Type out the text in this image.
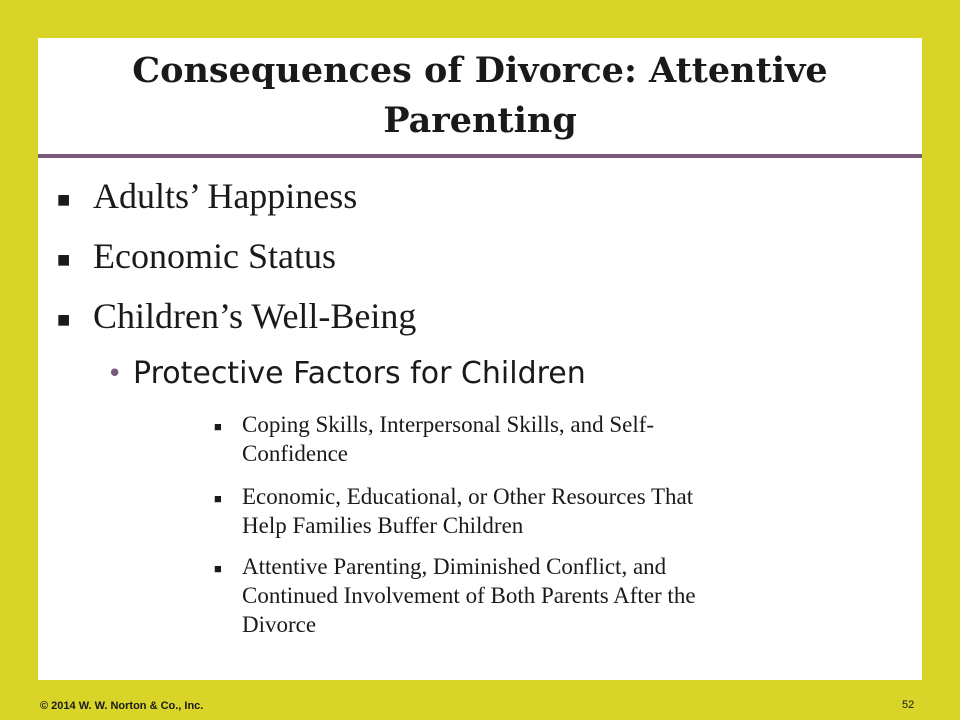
Consequences of Divorce: Attentive
Parenting
■ Adults’ Happiness
■ Economic Status
■ Children’s Well-Being
• Protective Factors for Children
■ Coping Skills, Interpersonal Skills, and Self-
Confidence
■ Economic, Educational, or Other Resources That
Help Families Buffer Children
■ Attentive Parenting, Diminished Conflict, and
Continued Involvement of Both Parents After the
Divorce
© 2014 W. W. Norton & Co., Inc.	52
